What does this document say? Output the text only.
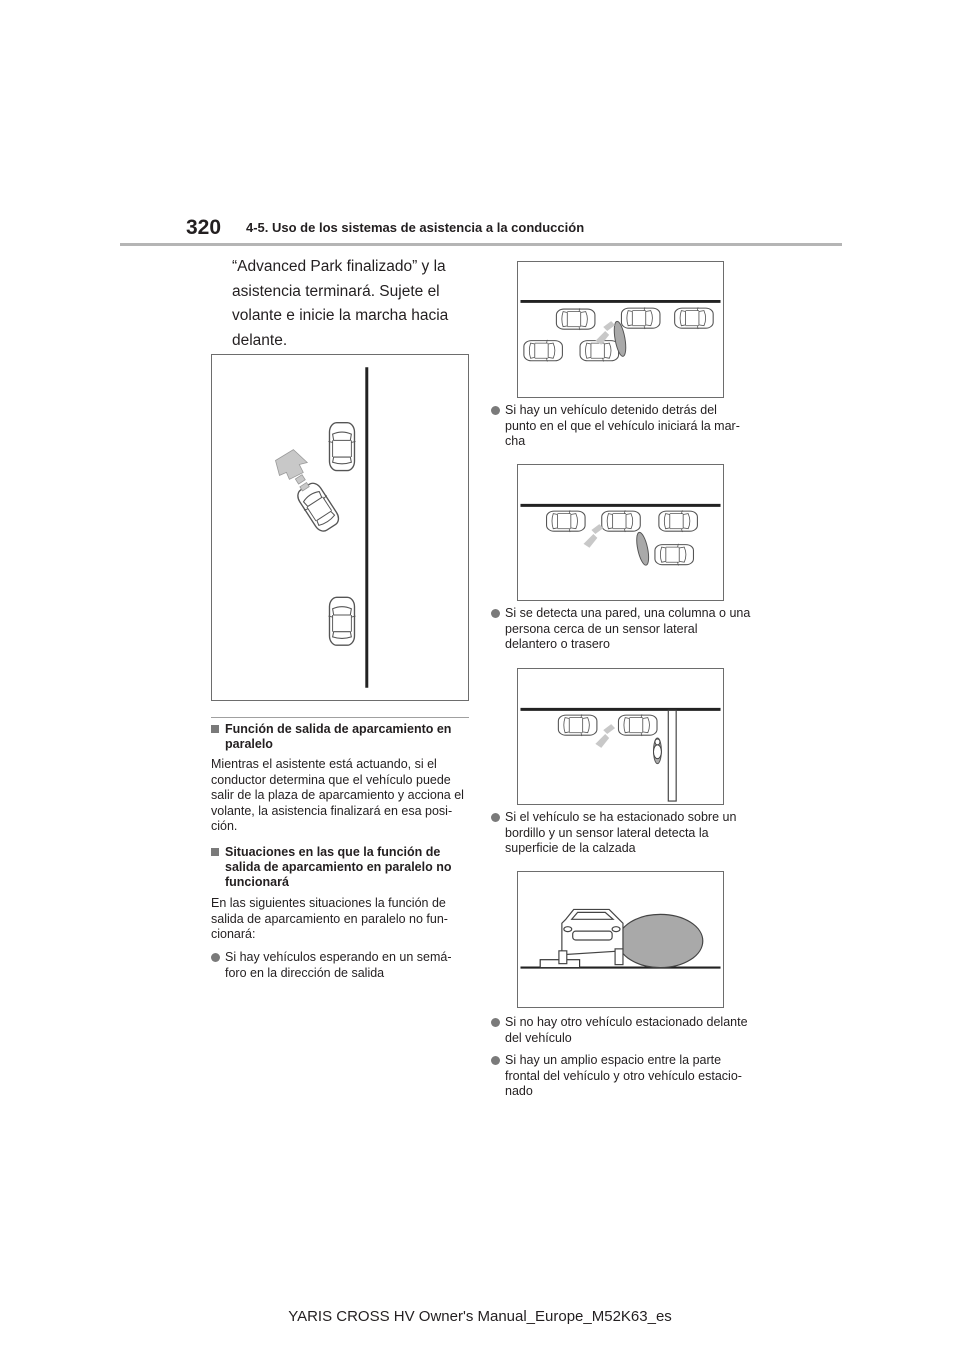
320 4-5. Uso de los sistemas de asistencia a la conducción
“Advanced Park finalizado” y la asistencia terminará. Sujete el volante e inicie la marcha hacia delante.
Función de salida de aparcamiento en paralelo
Mientras el asistente está actuando, si el conductor determina que el vehículo puede salir de la plaza de aparcamiento y acciona el volante, la asistencia finalizará en esa posi-ción.
Situaciones en las que la función de salida de aparcamiento en paralelo no funcionará
En las siguientes situaciones la función de salida de aparcamiento en paralelo no fun-cionará:
Si hay vehículos esperando en un semá-foro en la dirección de salida
Si hay un vehículo detenido detrás del punto en el que el vehículo iniciará la mar-cha
Si se detecta una pared, una columna o una persona cerca de un sensor lateral delantero o trasero
Si el vehículo se ha estacionado sobre un bordillo y un sensor lateral detecta la superficie de la calzada
Si no hay otro vehículo estacionado delante del vehículo
Si hay un amplio espacio entre la parte frontal del vehículo y otro vehículo estacio-nado
YARIS CROSS HV Owner's Manual_Europe_M52K63_es
